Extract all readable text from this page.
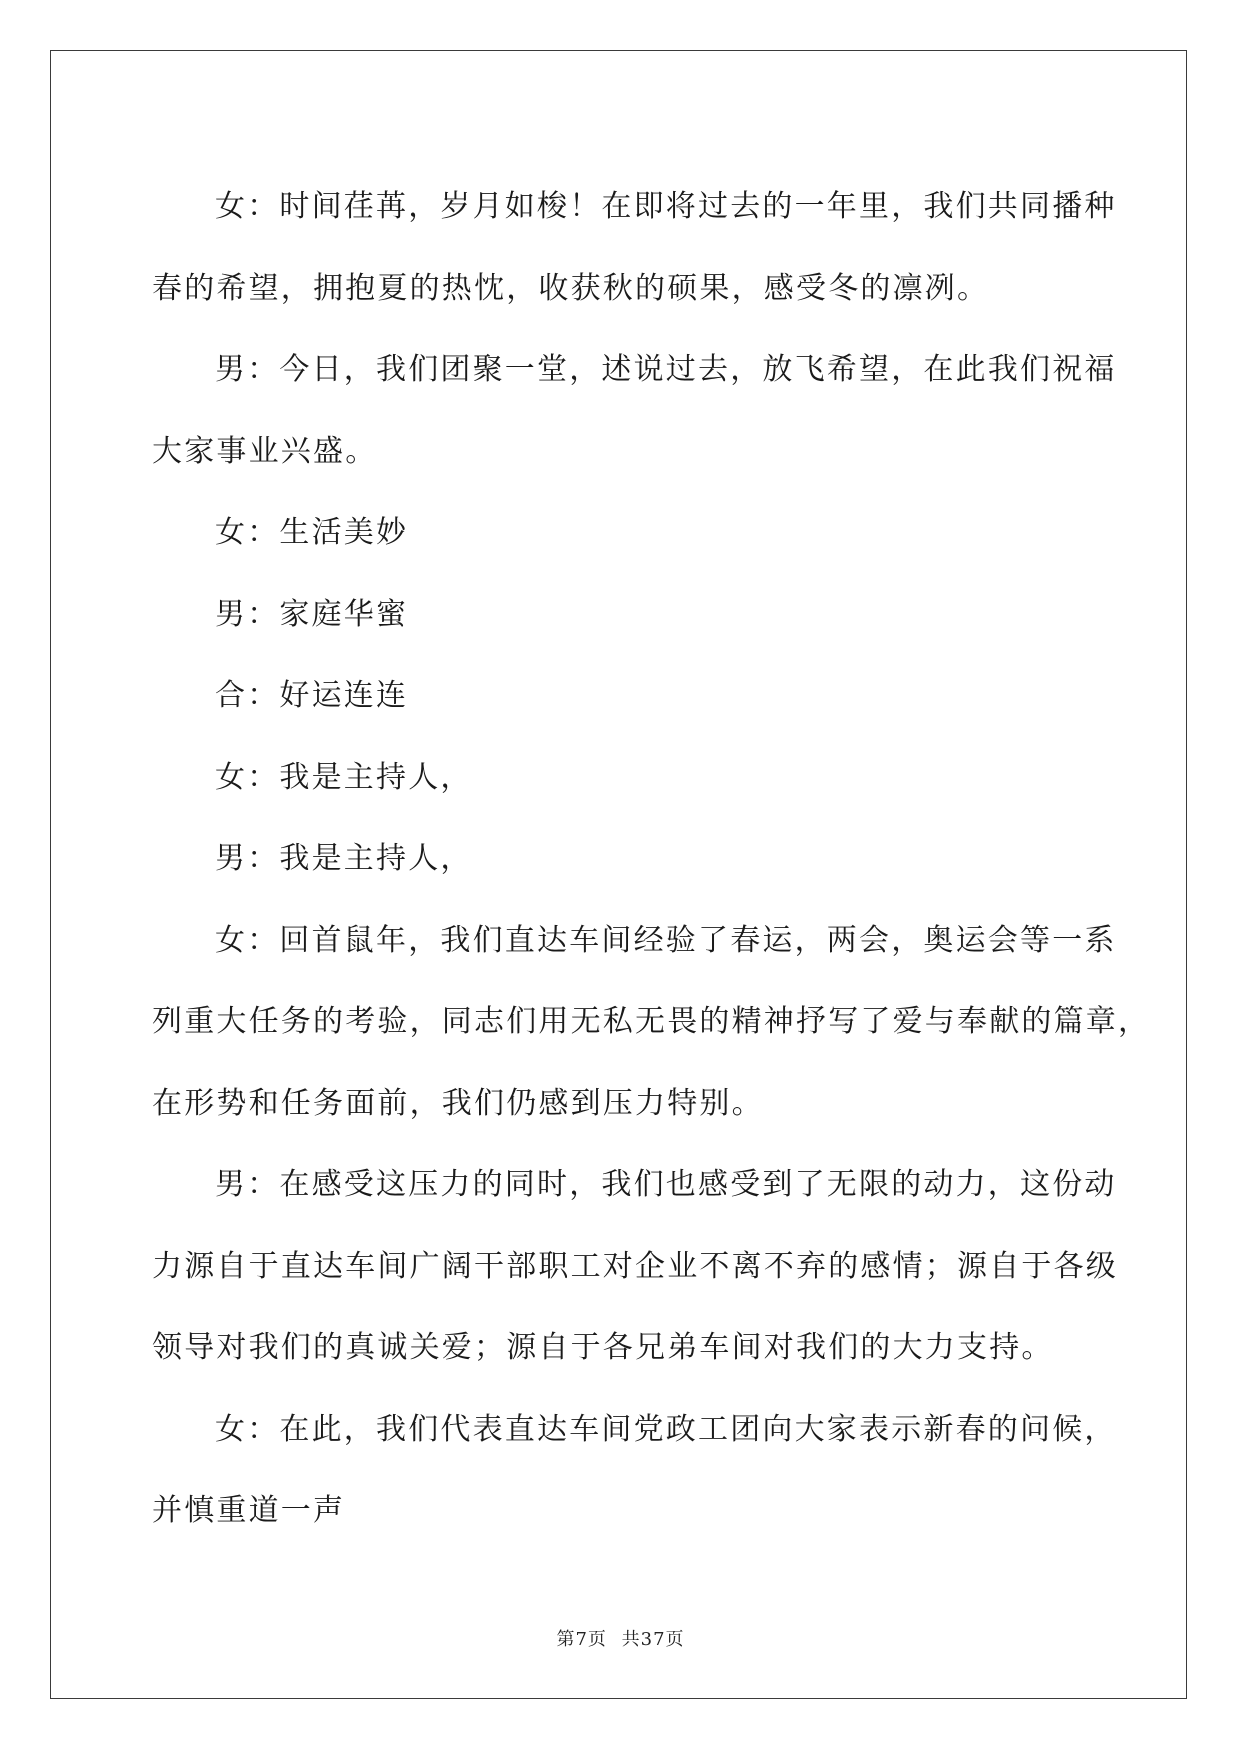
女：时间荏苒，岁月如梭！在即将过去的一年里，我们共同播种
春的希望，拥抱夏的热忱，收获秋的硕果，感受冬的凛冽。
男：今日，我们团聚一堂，述说过去，放飞希望，在此我们祝福
大家事业兴盛。
女：生活美妙
男：家庭华蜜
合：好运连连
女：我是主持人，
男：我是主持人，
女：回首鼠年，我们直达车间经验了春运，两会，奥运会等一系
列重大任务的考验，同志们用无私无畏的精神抒写了爱与奉献的篇章，
在形势和任务面前，我们仍感到压力特别。
男：在感受这压力的同时，我们也感受到了无限的动力，这份动
力源自于直达车间广阔干部职工对企业不离不弃的感情；源自于各级
领导对我们的真诚关爱；源自于各兄弟车间对我们的大力支持。
女：在此，我们代表直达车间党政工团向大家表示新春的问候，
并慎重道一声
第7页 共37页
